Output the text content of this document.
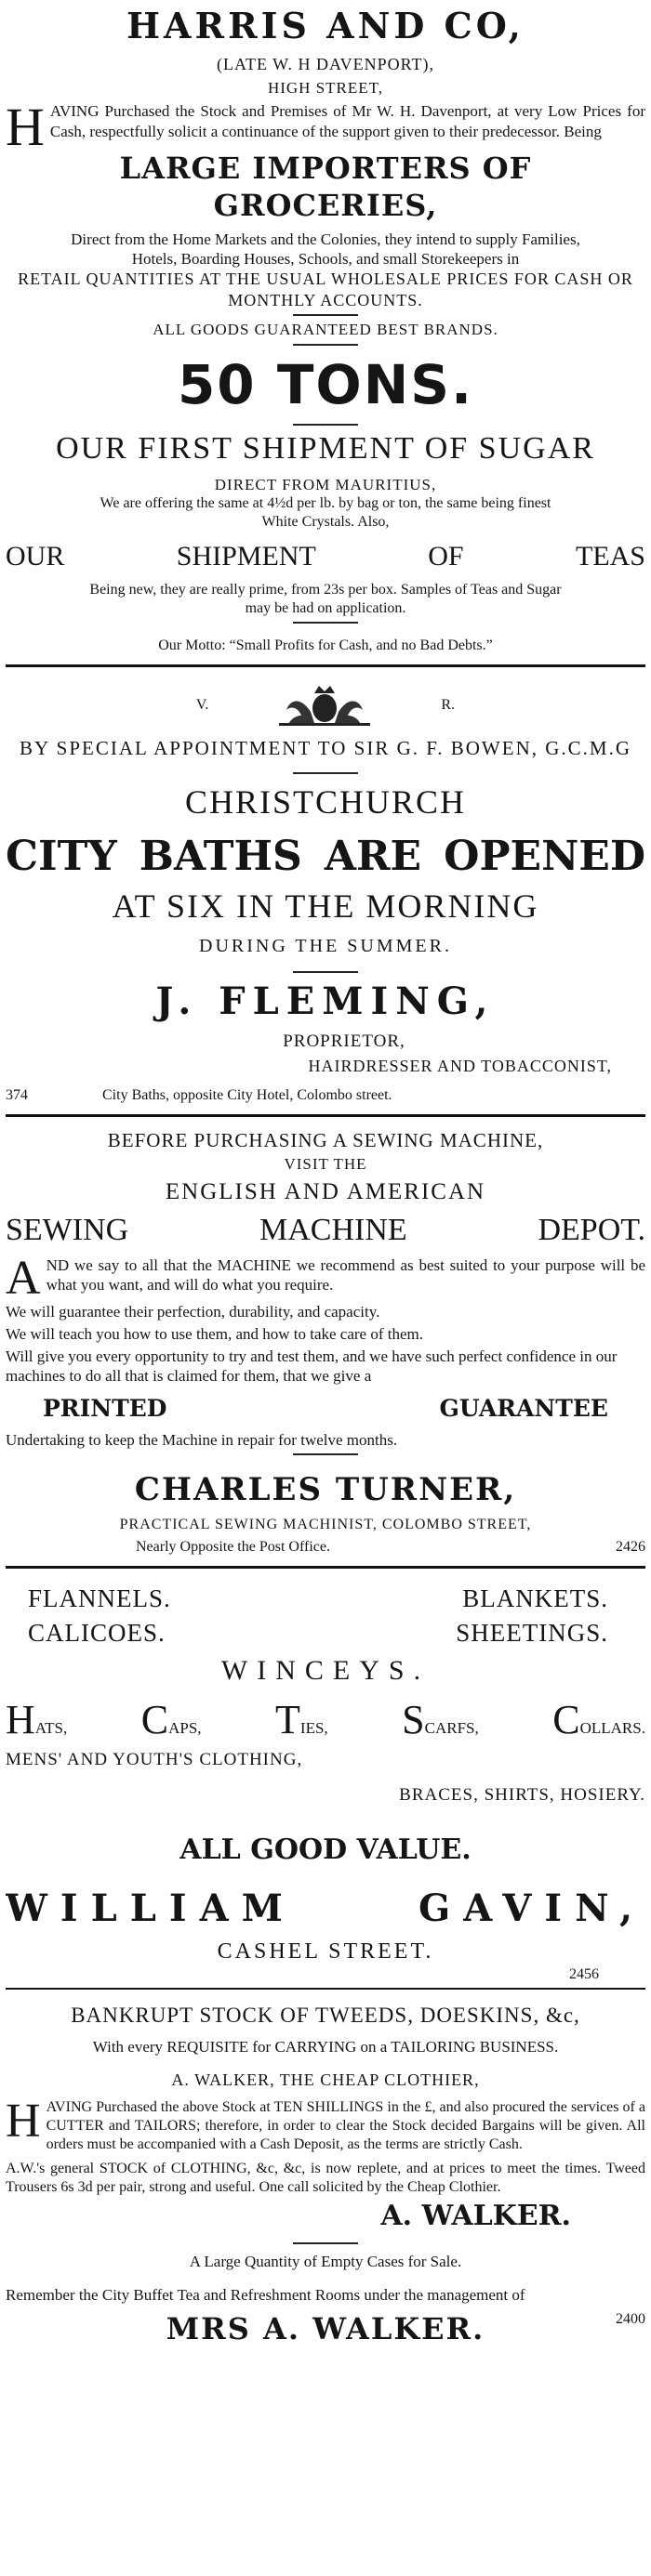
HARRIS AND CO,

(LATE W. H DAVENPORT),

HIGH STREET,

HAVING Purchased the Stock and Premises of Mr W. H. Davenport, at very Low Prices for Cash, respectfully solicit a continuance of the support given to their predecessor. Being

LARGE IMPORTERS OF GROCERIES,

Direct from the Home Markets and the Colonies, they intend to supply Families,

Hotels, Boarding Houses, Schools, and small Storekeepers in

RETAIL QUANTITIES AT THE USUAL WHOLESALE PRICES FOR CASH OR

MONTHLY ACCOUNTS.

ALL GOODS GUARANTEED BEST BRANDS.

50 TONS.

OUR FIRST SHIPMENT OF SUGAR

DIRECT FROM MAURITIUS,

We are offering the same at 4½d per lb. by bag or ton, the same being finest

White Crystals. Also,

OUR	SHIPMENT	OF	TEAS

Being new, they are really prime, from 23s per box. Samples of Teas and Sugar

may be had on application.

Our Motto: “Small Profits for Cash, and no Bad Debts.”

V.	R.

BY SPECIAL APPOINTMENT TO SIR G. F. BOWEN, G.C.M.G

CHRISTCHURCH

CITY BATHS ARE OPENED

AT SIX IN THE MORNING

DURING THE SUMMER.

J. FLEMING,

PROPRIETOR,

HAIRDRESSER AND TOBACCONIST,

374	City Baths, opposite City Hotel, Colombo street.

BEFORE PURCHASING A SEWING MACHINE,

VISIT THE

ENGLISH AND AMERICAN

SEWING	MACHINE	DEPOT.

AND we say to all that the MACHINE we recommend as best suited to your purpose will be what you want, and will do what you require.

We will guarantee their perfection, durability, and capacity.

We will teach you how to use them, and how to take care of them.

Will give you every opportunity to try and test them, and we have such perfect confidence in our machines to do all that is claimed for them, that we give a

PRINTED	GUARANTEE

Undertaking to keep the Machine in repair for twelve months.

CHARLES TURNER,

PRACTICAL SEWING MACHINIST, COLOMBO STREET,

Nearly Opposite the Post Office.	2426
FLANNELS.	BLANKETS.
CALICOES.	SHEETINGS.

WINCEYS.

HATS, CAPS, TIES, SCARFS, COLLARS.

MENS' AND YOUTH'S CLOTHING,

BRACES, SHIRTS, HOSIERY.

ALL GOOD VALUE.

WILLIAM	GAVIN,

CASHEL STREET.

2456

BANKRUPT STOCK OF TWEEDS, DOESKINS, &c,

With every REQUISITE for CARRYING on a TAILORING BUSINESS.

A. WALKER, THE CHEAP CLOTHIER,

HAVING Purchased the above Stock at TEN SHILLINGS in the £, and also procured the services of a CUTTER and TAILORS; therefore, in order to clear the Stock decided Bargains will be given. All orders must be accompanied with a Cash Deposit, as the terms are strictly Cash.

A.W.'s general STOCK of CLOTHING, &c, &c, is now replete, and at prices to meet the times. Tweed Trousers 6s 3d per pair, strong and useful. One call solicited by the Cheap Clothier.

A. WALKER.

A Large Quantity of Empty Cases for Sale.

Remember the City Buffet Tea and Refreshment Rooms under the management of

MRS A. WALKER.	2400
